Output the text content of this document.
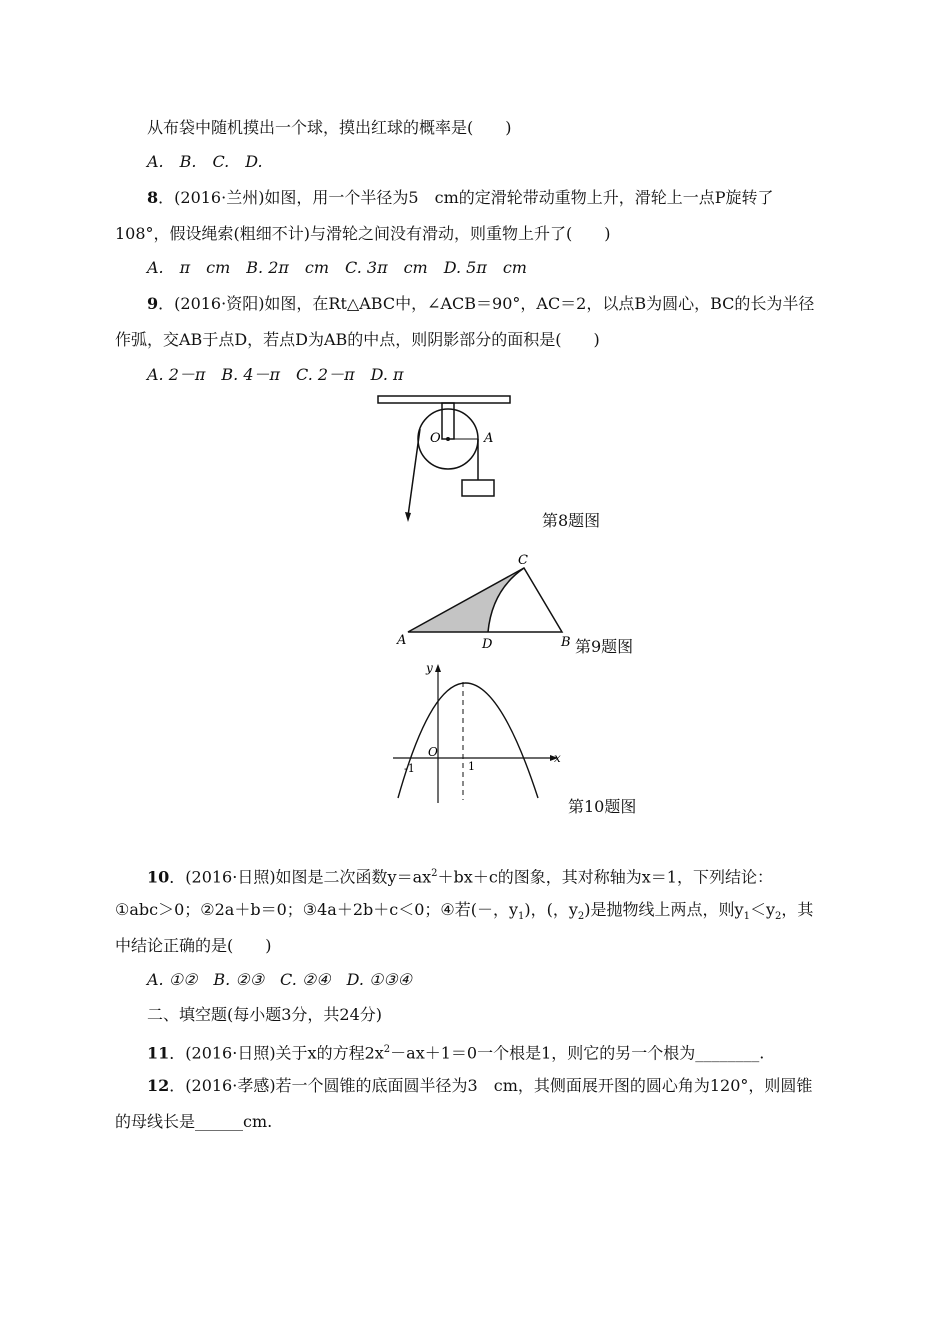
从布袋中随机摸出一个球，摸出红球的概率是(　　)
A.　B.　C.　D.
8．(2016·兰州)如图，用一个半径为5　cm的定滑轮带动重物上升，滑轮上一点P旋转了
108°，假设绳索(粗细不计)与滑轮之间没有滑动，则重物上升了(　　)
A.　π　cm　B. 2π　cm　C. 3π　cm　D. 5π　cm
9．(2016·资阳)如图，在Rt△ABC中，∠ACB＝90°，AC＝2，以点B为圆心，BC的长为半径
作弧，交AB于点D，若点D为AB的中点，则阴影部分的面积是(　　)
A. 2－π　B. 4－π　C. 2－π　D. π
O	A
第8题图
A
C
D	B 第9题图
y
x
O
-1	1
第10题图
10．(2016·日照)如图是二次函数$y=ax^2+bx+c$的图象，其对称轴为x＝1，下列结论：
①abc＞0；②2a＋b＝0；③4a＋2b＋c＜0；④若(－，$y_1$)，(，$y_2$)是抛物线上两点，则$y_1<y_2$，其
中结论正确的是(　　)
A. ①②　B. ②③　C. ②④　D. ①③④
二、填空题(每小题3分，共24分)
11．(2016·日照)关于x的方程$2x^2-ax+1=0$一个根是1，则它的另一个根为________.
12．(2016·孝感)若一个圆锥的底面圆半径为3　cm，其侧面展开图的圆心角为120°，则圆锥
的母线长是______cm.
